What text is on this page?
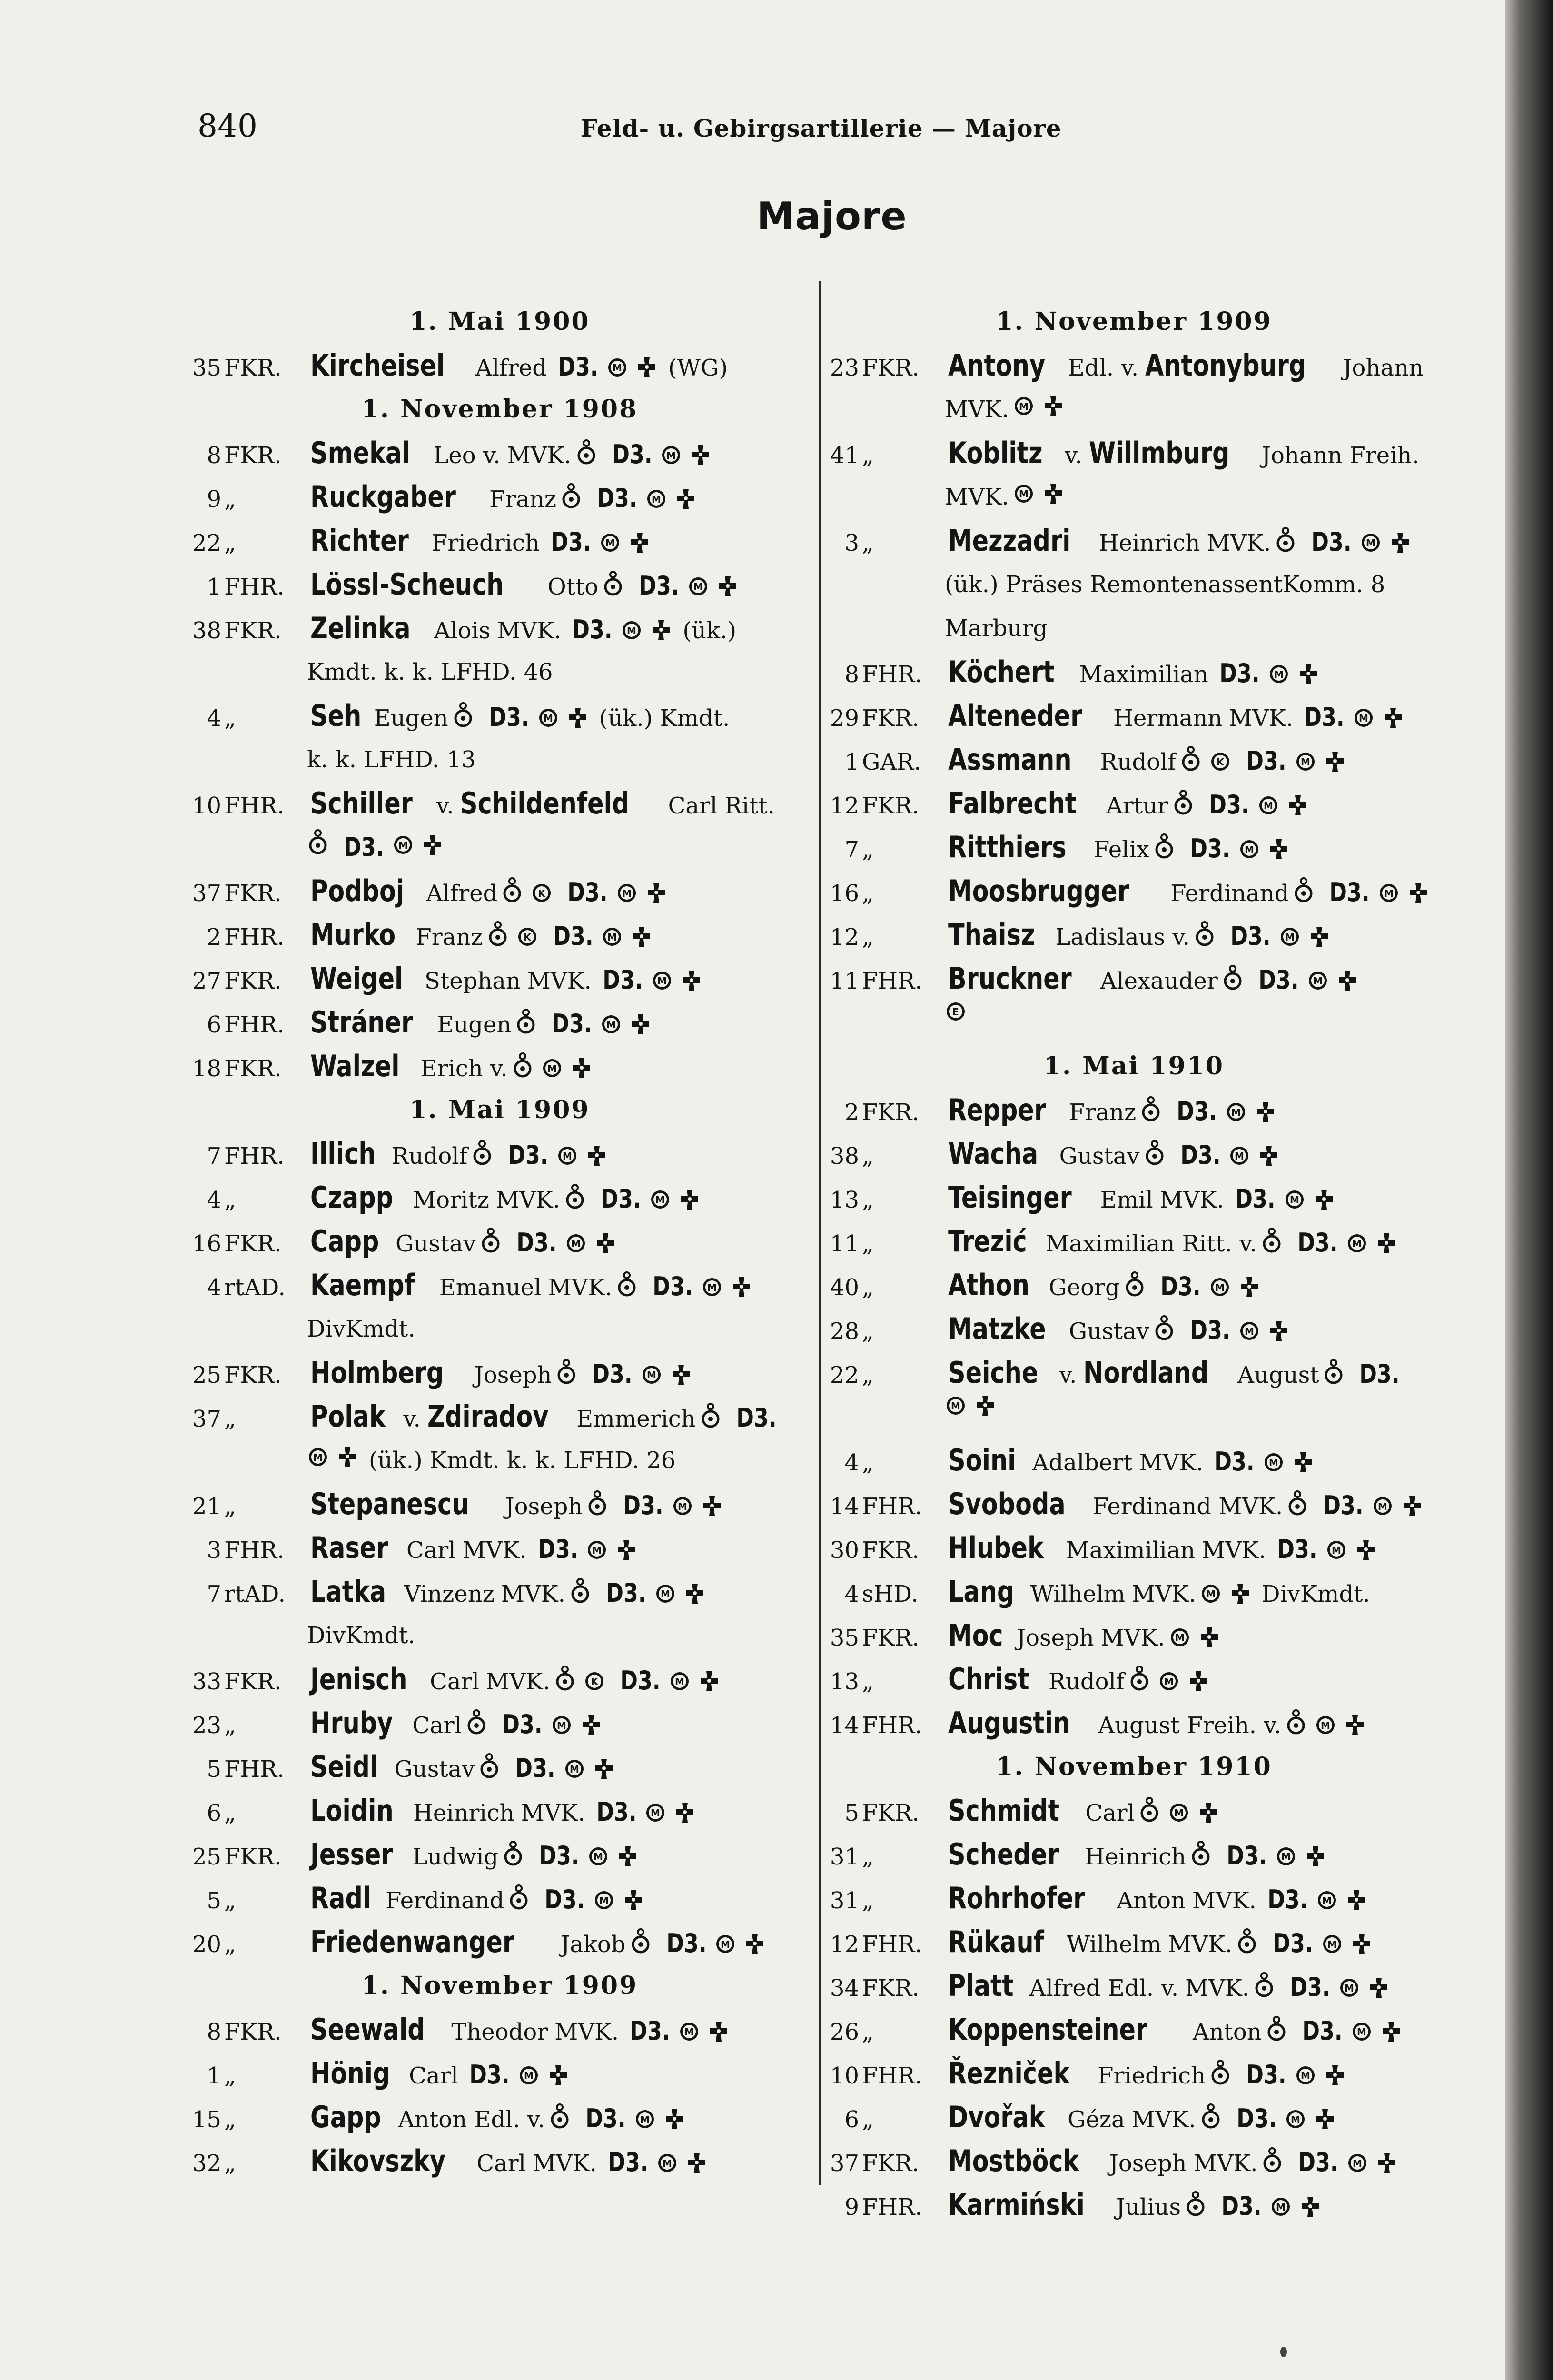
840	Feld- u. Gebirgsartillerie — Majore
Majore
1. Mai 1900
35 FKR. Kircheisel Alfred D3. M (WG)
1. November 1908
8 FKR. Smekal Leo v. MVK. D3. M
9 „	Ruckgaber Franz D3. M
22 „	Richter Friedrich D3. M
1 FHR. Lössl-Scheuch Otto D3. M
38 FKR. Zelinka Alois MVK. D3. M (ük.)
Kmdt. k. k. LFHD. 46
4 „	Seh Eugen D3. M (ük.) Kmdt.
k. k. LFHD. 13
10 FHR. Schiller v. Schildenfeld Carl Ritt.
D3. M
37 FKR. Podboj Alfred	K D3. M
2 FHR. Murko Franz	K D3. M
27 FKR. Weigel Stephan MVK. D3. M
6 FHR. Stráner Eugen D3. M
18 FKR. Walzel Erich v.	M
1. Mai 1909
7 FHR. Illich Rudolf D3. M
4 „	Czapp Moritz MVK. D3. M
16 FKR. Capp Gustav D3. M
4 rtAD. Kaempf Emanuel MVK. D3. M
DivKmdt.
25 FKR. Holmberg Joseph D3. M
37 „	Polak v. Zdiradov Emmerich D3.
M (ük.) Kmdt. k. k. LFHD. 26
21 „	Stepanescu Joseph D3. M
3 FHR. Raser Carl MVK. D3. M
7 rtAD. Latka Vinzenz MVK. D3. M
DivKmdt.
33 FKR. Jenisch Carl MVK.	K D3. M
23 „	Hruby Carl D3. M
5 FHR. Seidl Gustav D3. M
6 „	Loidin Heinrich MVK. D3. M
25 FKR. Jesser Ludwig D3. M
5 „	Radl Ferdinand D3. M
20 „	Friedenwanger Jakob D3. M
1. November 1909
8 FKR. Seewald Theodor MVK. D3. M
1 „	Hönig Carl D3. M
15 „	Gapp Anton Edl. v. D3. M
32 „	Kikovszky Carl MVK. D3. M
1. November 1909
23 FKR. Antony Edl. v. Antonyburg Johann
MVK. M
41 „	Koblitz v. Willmburg Johann Freih.
MVK. M
3 „	Mezzadri Heinrich MVK. D3. M
(ük.) Präses RemontenassentKomm. 8
Marburg
8 FHR. Köchert Maximilian D3. M
29 FKR. Alteneder Hermann MVK. D3. M
1 GAR. Assmann Rudolf	K D3. M
12 FKR. Falbrecht Artur D3. M
7 „	Ritthiers Felix D3. M
16 „	Moosbrugger Ferdinand D3. M
12 „	Thaisz Ladislaus v. D3. M
11 FHR. Bruckner Alexauder D3. M
E
1. Mai 1910
2 FKR. Repper Franz D3. M
38 „	Wacha Gustav D3. M
13 „	Teisinger Emil MVK. D3. M
11 „	Trezić Maximilian Ritt. v. D3. M
40 „	Athon Georg D3. M
28 „	Matzke Gustav D3. M
22 „	Seiche v. Nordland August D3.
M
4 „	Soini Adalbert MVK. D3. M
14 FHR. Svoboda Ferdinand MVK. D3. M
30 FKR. Hlubek Maximilian MVK. D3. M
4 sHD.	Lang Wilhelm MVK. M DivKmdt.
35 FKR. Moc Joseph MVK. M
13 „	Christ Rudolf	M
14 FHR. Augustin August Freih. v.	M
1. November 1910
5 FKR. Schmidt Carl	M
31 „	Scheder Heinrich D3. M
31 „	Rohrhofer Anton MVK. D3. M
12 FHR. Rükauf Wilhelm MVK. D3. M
34 FKR. Platt Alfred Edl. v. MVK. D3. M
26 „	Koppensteiner Anton D3. M
10 FHR. Řezniček Friedrich D3. M
6 „	Dvořak Géza MVK. D3. M
37 FKR. Mostböck Joseph MVK. D3. M
9 FHR. Karmiński Julius D3. M
